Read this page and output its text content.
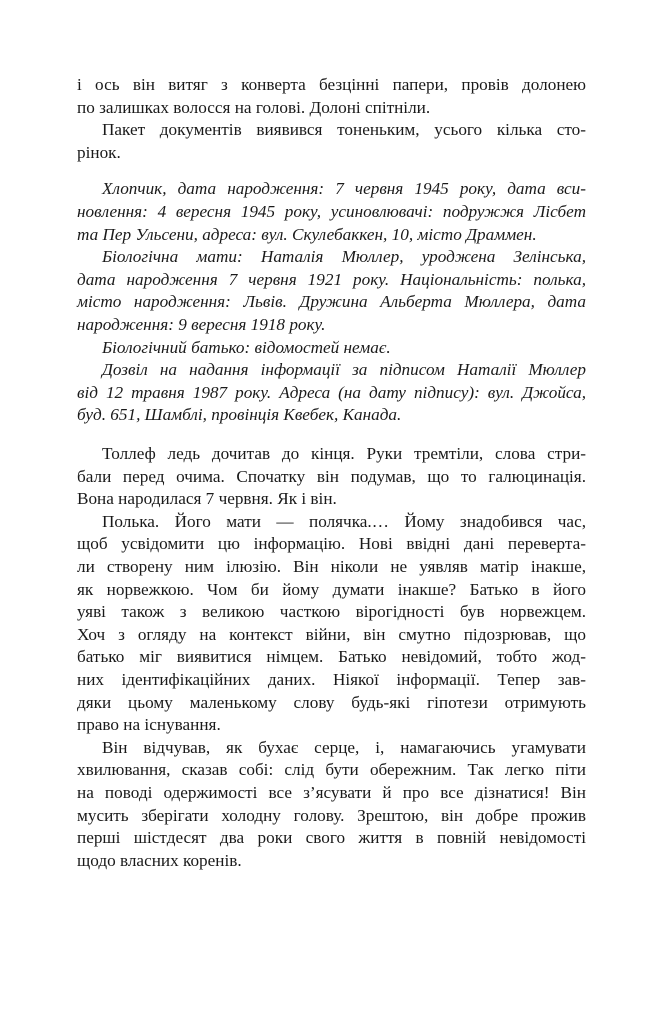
і ось він витяг з конверта безцінні папери, провів долонею
по залишках волосся на голові. Долоні спітніли.
Пакет документів виявився тоненьким, усього кілька сто-
рінок.
Хлопчик, дата народження: 7 червня 1945 року, дата вси-
новлення: 4 вересня 1945 року, усиновлювачі: подружжя Лісбет
та Пер Ульсени, адреса: вул. Скулебаккен, 10, місто Драммен.
Біологічна мати: Наталія Мюллер, уроджена Зелінська,
дата народження 7 червня 1921 року. Національність: полька,
місто народження: Львів. Дружина Альберта Мюллера, дата
народження: 9 вересня 1918 року.
Біологічний батько: відомостей немає.
Дозвіл на надання інформації за підписом Наталії Мюллер
від 12 травня 1987 року. Адреса (на дату підпису): вул. Джойса,
буд. 651, Шамблі, провінція Квебек, Канада.
Толлеф ледь дочитав до кінця. Руки тремтіли, слова стри-
бали перед очима. Спочатку він подумав, що то галюцинація.
Вона народилася 7 червня. Як і він.
Полька. Його мати — полячка.… Йому знадобився час,
щоб усвідомити цю інформацію. Нові ввідні дані переверта-
ли створену ним ілюзію. Він ніколи не уявляв матір інакше,
як норвежкою. Чом би йому думати інакше? Батько в його
уяві також з великою часткою вірогідності був норвежцем.
Хоч з огляду на контекст війни, він смутно підозрював, що
батько міг виявитися німцем. Батько невідомий, тобто жод-
них ідентифікаційних даних. Ніякої інформації. Тепер зав-
дяки цьому маленькому слову будь-які гіпотези отримують
право на існування.
Він відчував, як бухає серце, і, намагаючись угамувати
хвилювання, сказав собі: слід бути обережним. Так легко піти
на поводі одержимості все з’ясувати й про все дізнатися! Він
мусить зберігати холодну голову. Зрештою, він добре прожив
перші шістдесят два роки свого життя в повній невідомості
щодо власних коренів.
